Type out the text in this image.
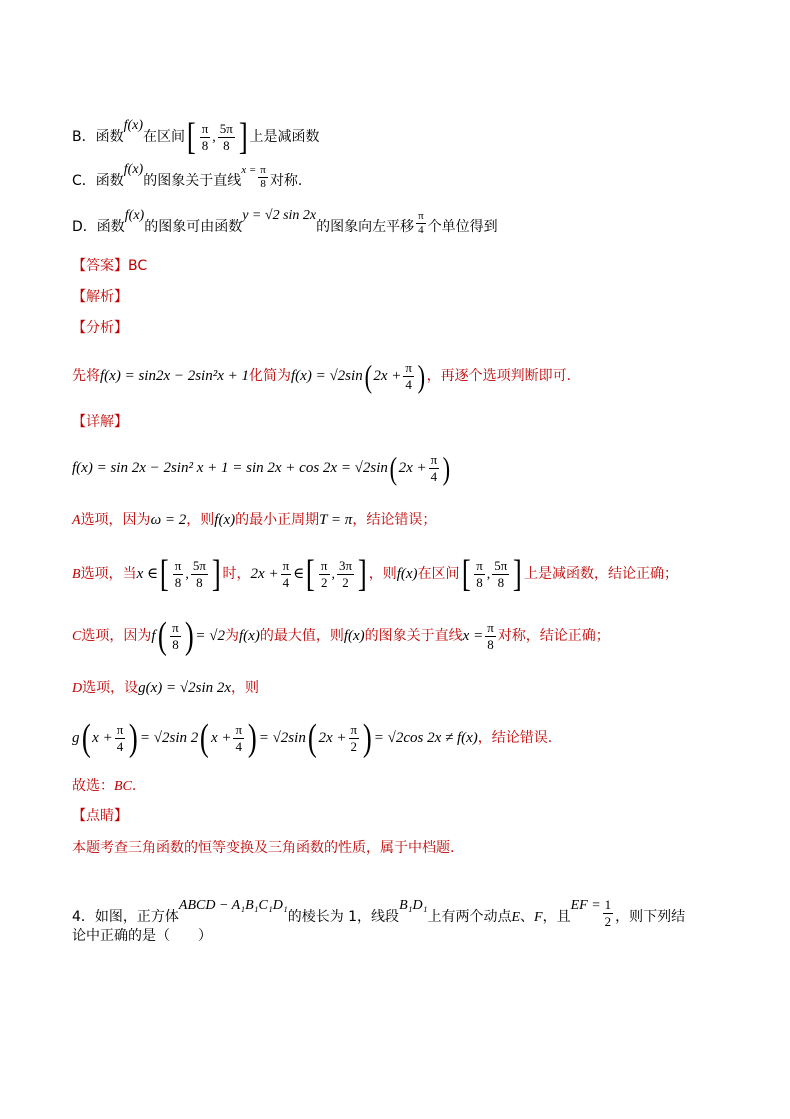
B．函数f(x)在区间[ $\frac{\pi}{8}$ , $\frac{5\pi}{8}$ ] 上是减函数
C．函数f(x)的图象关于直线$^{x =} \frac{\pi}{8}$ 对称.
D．函数f(x)的图象可由函数y = √2 sin 2x的图象向左平移 $\frac{\pi}{4}$ 个单位得到
【答案】BC
【解析】
【分析】
先将f(x) = sin2x − 2sin²x + 1化简为f(x) = √2sin( $2x + \frac{\pi}{4}$ ) ，再逐个选项判断即可.
【详解】
f(x) = sin 2x − 2sin² x + 1 = sin 2x + cos 2x = √2sin( $2x + \frac{\pi}{4}$ )
A选项，因为ω = 2，则f(x)的最小正周期T = π，结论错误；
B选项，当x ∈[ $\frac{\pi}{8}$ , $\frac{5\pi}{8}$ ] 时，$2x + \frac{\pi}{4}$ ∈[ $\frac{\pi}{2}$ , $\frac{3\pi}{2}$ ] ，则f(x)在区间[ $\frac{\pi}{8}$ , $\frac{5\pi}{8}$ ] 上是减函数，结论正确；
C选项，因为$f( \frac{\pi}{8}$ ) = √2为f(x)的最大值，则f(x)的图象关于直线$x = \frac{\pi}{8}$ 对称，结论正确；
D选项，设g(x) = √2sin 2x，则
g( $x + \frac{\pi}{4}$ ) = √2sin 2( $x + \frac{\pi}{4}$ ) = √2sin( $2x + \frac{\pi}{2}$ ) = √2cos 2x ≠ f(x)，结论错误.
故选：BC.
【点睛】
本题考查三角函数的恒等变换及三角函数的性质，属于中档题.
4．如图，正方体ABCD − A₁B₁C₁D₁的棱长为 1，线段B₁D₁上有两个动点E、F，且EF = $\frac{1}{2}$ ，则下列结
论中正确的是（　　）
